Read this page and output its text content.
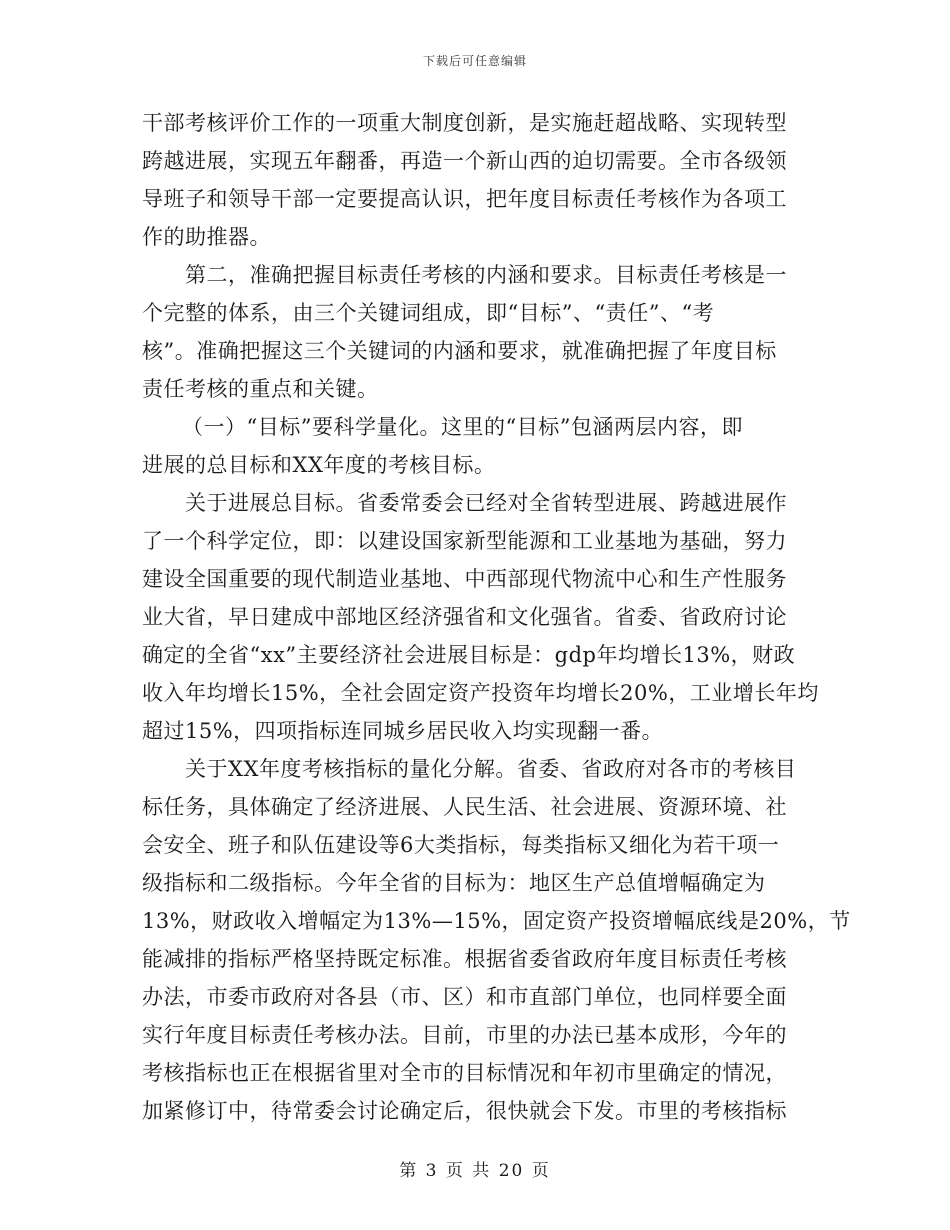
下载后可任意编辑
干部考核评价工作的一项重大制度创新，是实施赶超战略、实现转型
跨越进展，实现五年翻番，再造一个新山西的迫切需要。全市各级领
导班子和领导干部一定要提高认识，把年度目标责任考核作为各项工
作的助推器。
第二，准确把握目标责任考核的内涵和要求。目标责任考核是一
个完整的体系，由三个关键词组成，即“目标”、“责任”、“考
核”。准确把握这三个关键词的内涵和要求，就准确把握了年度目标
责任考核的重点和关键。
（一）“目标”要科学量化。这里的“目标”包涵两层内容，即
进展的总目标和XX年度的考核目标。
关于进展总目标。省委常委会已经对全省转型进展、跨越进展作
了一个科学定位，即：以建设国家新型能源和工业基地为基础，努力
建设全国重要的现代制造业基地、中西部现代物流中心和生产性服务
业大省，早日建成中部地区经济强省和文化强省。省委、省政府讨论
确定的全省“xx”主要经济社会进展目标是：gdp年均增长13%，财政
收入年均增长15%，全社会固定资产投资年均增长20%，工业增长年均
超过15%，四项指标连同城乡居民收入均实现翻一番。
关于XX年度考核指标的量化分解。省委、省政府对各市的考核目
标任务，具体确定了经济进展、人民生活、社会进展、资源环境、社
会安全、班子和队伍建设等6大类指标，每类指标又细化为若干项一
级指标和二级指标。今年全省的目标为：地区生产总值增幅确定为
13%，财政收入增幅定为13%—15%，固定资产投资增幅底线是20%，节
能减排的指标严格坚持既定标准。根据省委省政府年度目标责任考核
办法，市委市政府对各县（市、区）和市直部门单位，也同样要全面
实行年度目标责任考核办法。目前，市里的办法已基本成形，今年的
考核指标也正在根据省里对全市的目标情况和年初市里确定的情况，
加紧修订中，待常委会讨论确定后，很快就会下发。市里的考核指标
第 3 页 共 20 页
